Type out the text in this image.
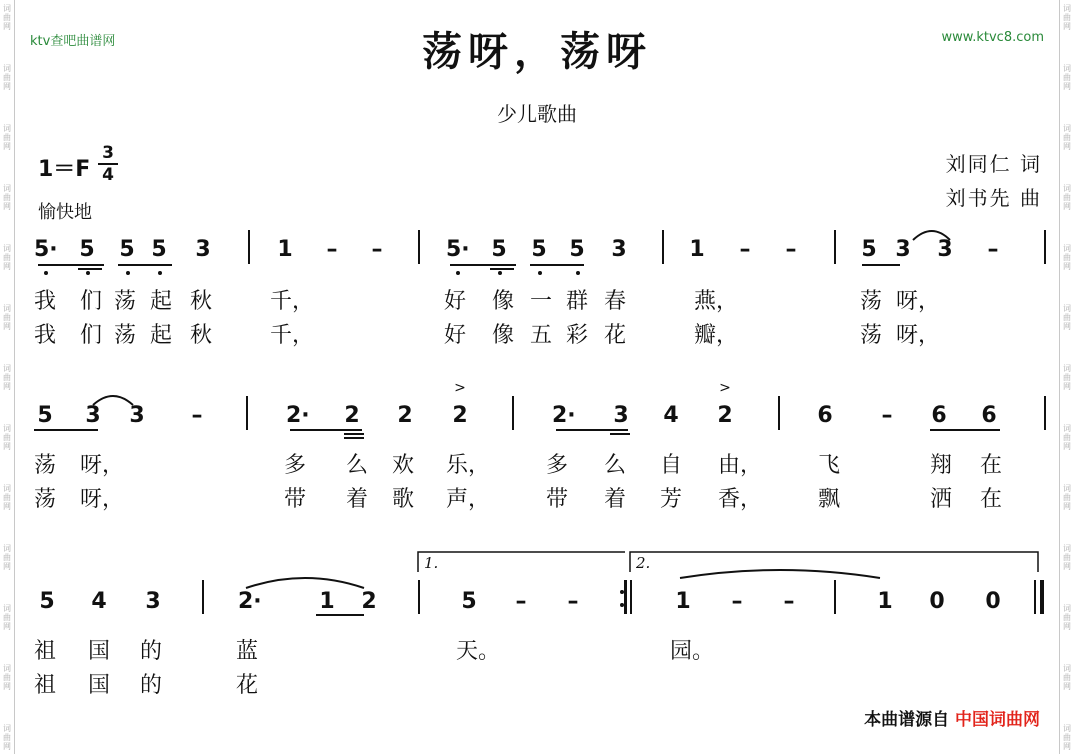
词
曲
网
词
曲
网
词
曲
网
词
曲
网
词
曲
网
词
曲
网
词
曲
网
词
曲
网
词
曲
网
词
曲
网
词
曲
网
词
曲
网
词
曲
网
词
曲
网
词
曲
网
词
曲
网
词
曲
网
词
曲
网
词
曲
网
词
曲
网
词
曲
网
词
曲
网
词
曲
网
词
曲
网
词
曲
网
词
曲
网
ktv查吧曲谱网	www.ktvc8.com
荡呀，荡呀
少儿歌曲
1＝F
3
4
愉快地
刘同仁 词
刘书先 曲
5· 5 5 5 3	1 – –	5· 5 5 5 3	1 – –	5 3 3 –
我 们 荡 起 秋	千，	好 像 一 群 春	燕，	荡 呀，
我 们 荡 起 秋	千，	好 像 五 彩 花	瓣，	荡 呀，
5 3 3 –	2· 2 2 2	2· 3 4 2	6 – 6 6
>	>
荡 呀，	多 么 欢 乐，	多 么 自 由，	飞	翔 在
荡 呀，	带 着 歌 声，	带 着 芳 香，	飘	洒 在
5 4 3	2·	1 2	5 – –	1 – –	1 0 0
祖 国 的	蓝	天。	园。
祖 国 的	花
1.	2.
本曲谱源自 中国词曲网
